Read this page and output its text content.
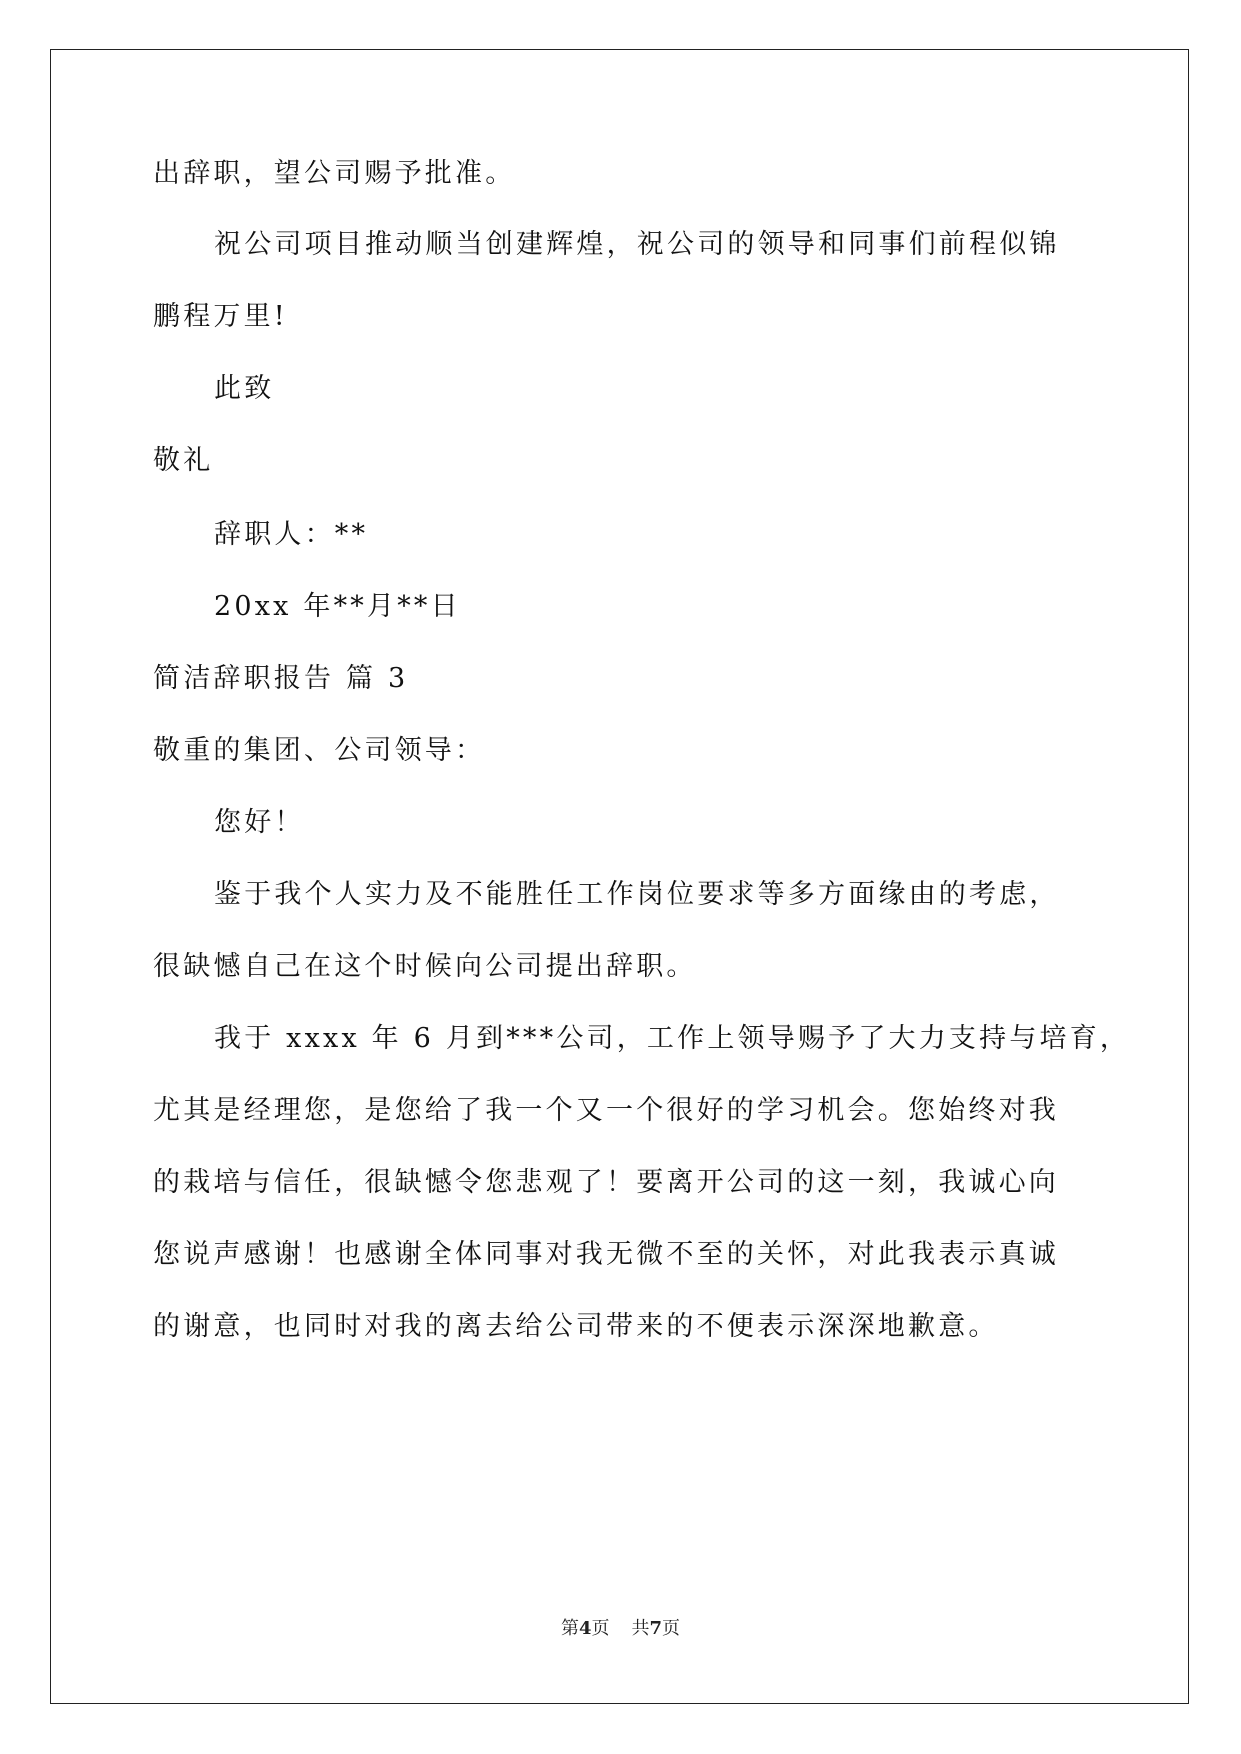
出辞职，望公司赐予批准。
祝公司项目推动顺当创建辉煌，祝公司的领导和同事们前程似锦
鹏程万里!
此致
敬礼
辞职人：**
20xx 年**月**日
简洁辞职报告 篇 3
敬重的集团、公司领导：
您好！
鉴于我个人实力及不能胜任工作岗位要求等多方面缘由的考虑，
很缺憾自己在这个时候向公司提出辞职。
我于 xxxx 年 6 月到***公司，工作上领导赐予了大力支持与培育，
尤其是经理您，是您给了我一个又一个很好的学习机会。您始终对我
的栽培与信任，很缺憾令您悲观了！要离开公司的这一刻，我诚心向
您说声感谢！也感谢全体同事对我无微不至的关怀，对此我表示真诚
的谢意，也同时对我的离去给公司带来的不便表示深深地歉意。
第4页 共7页
